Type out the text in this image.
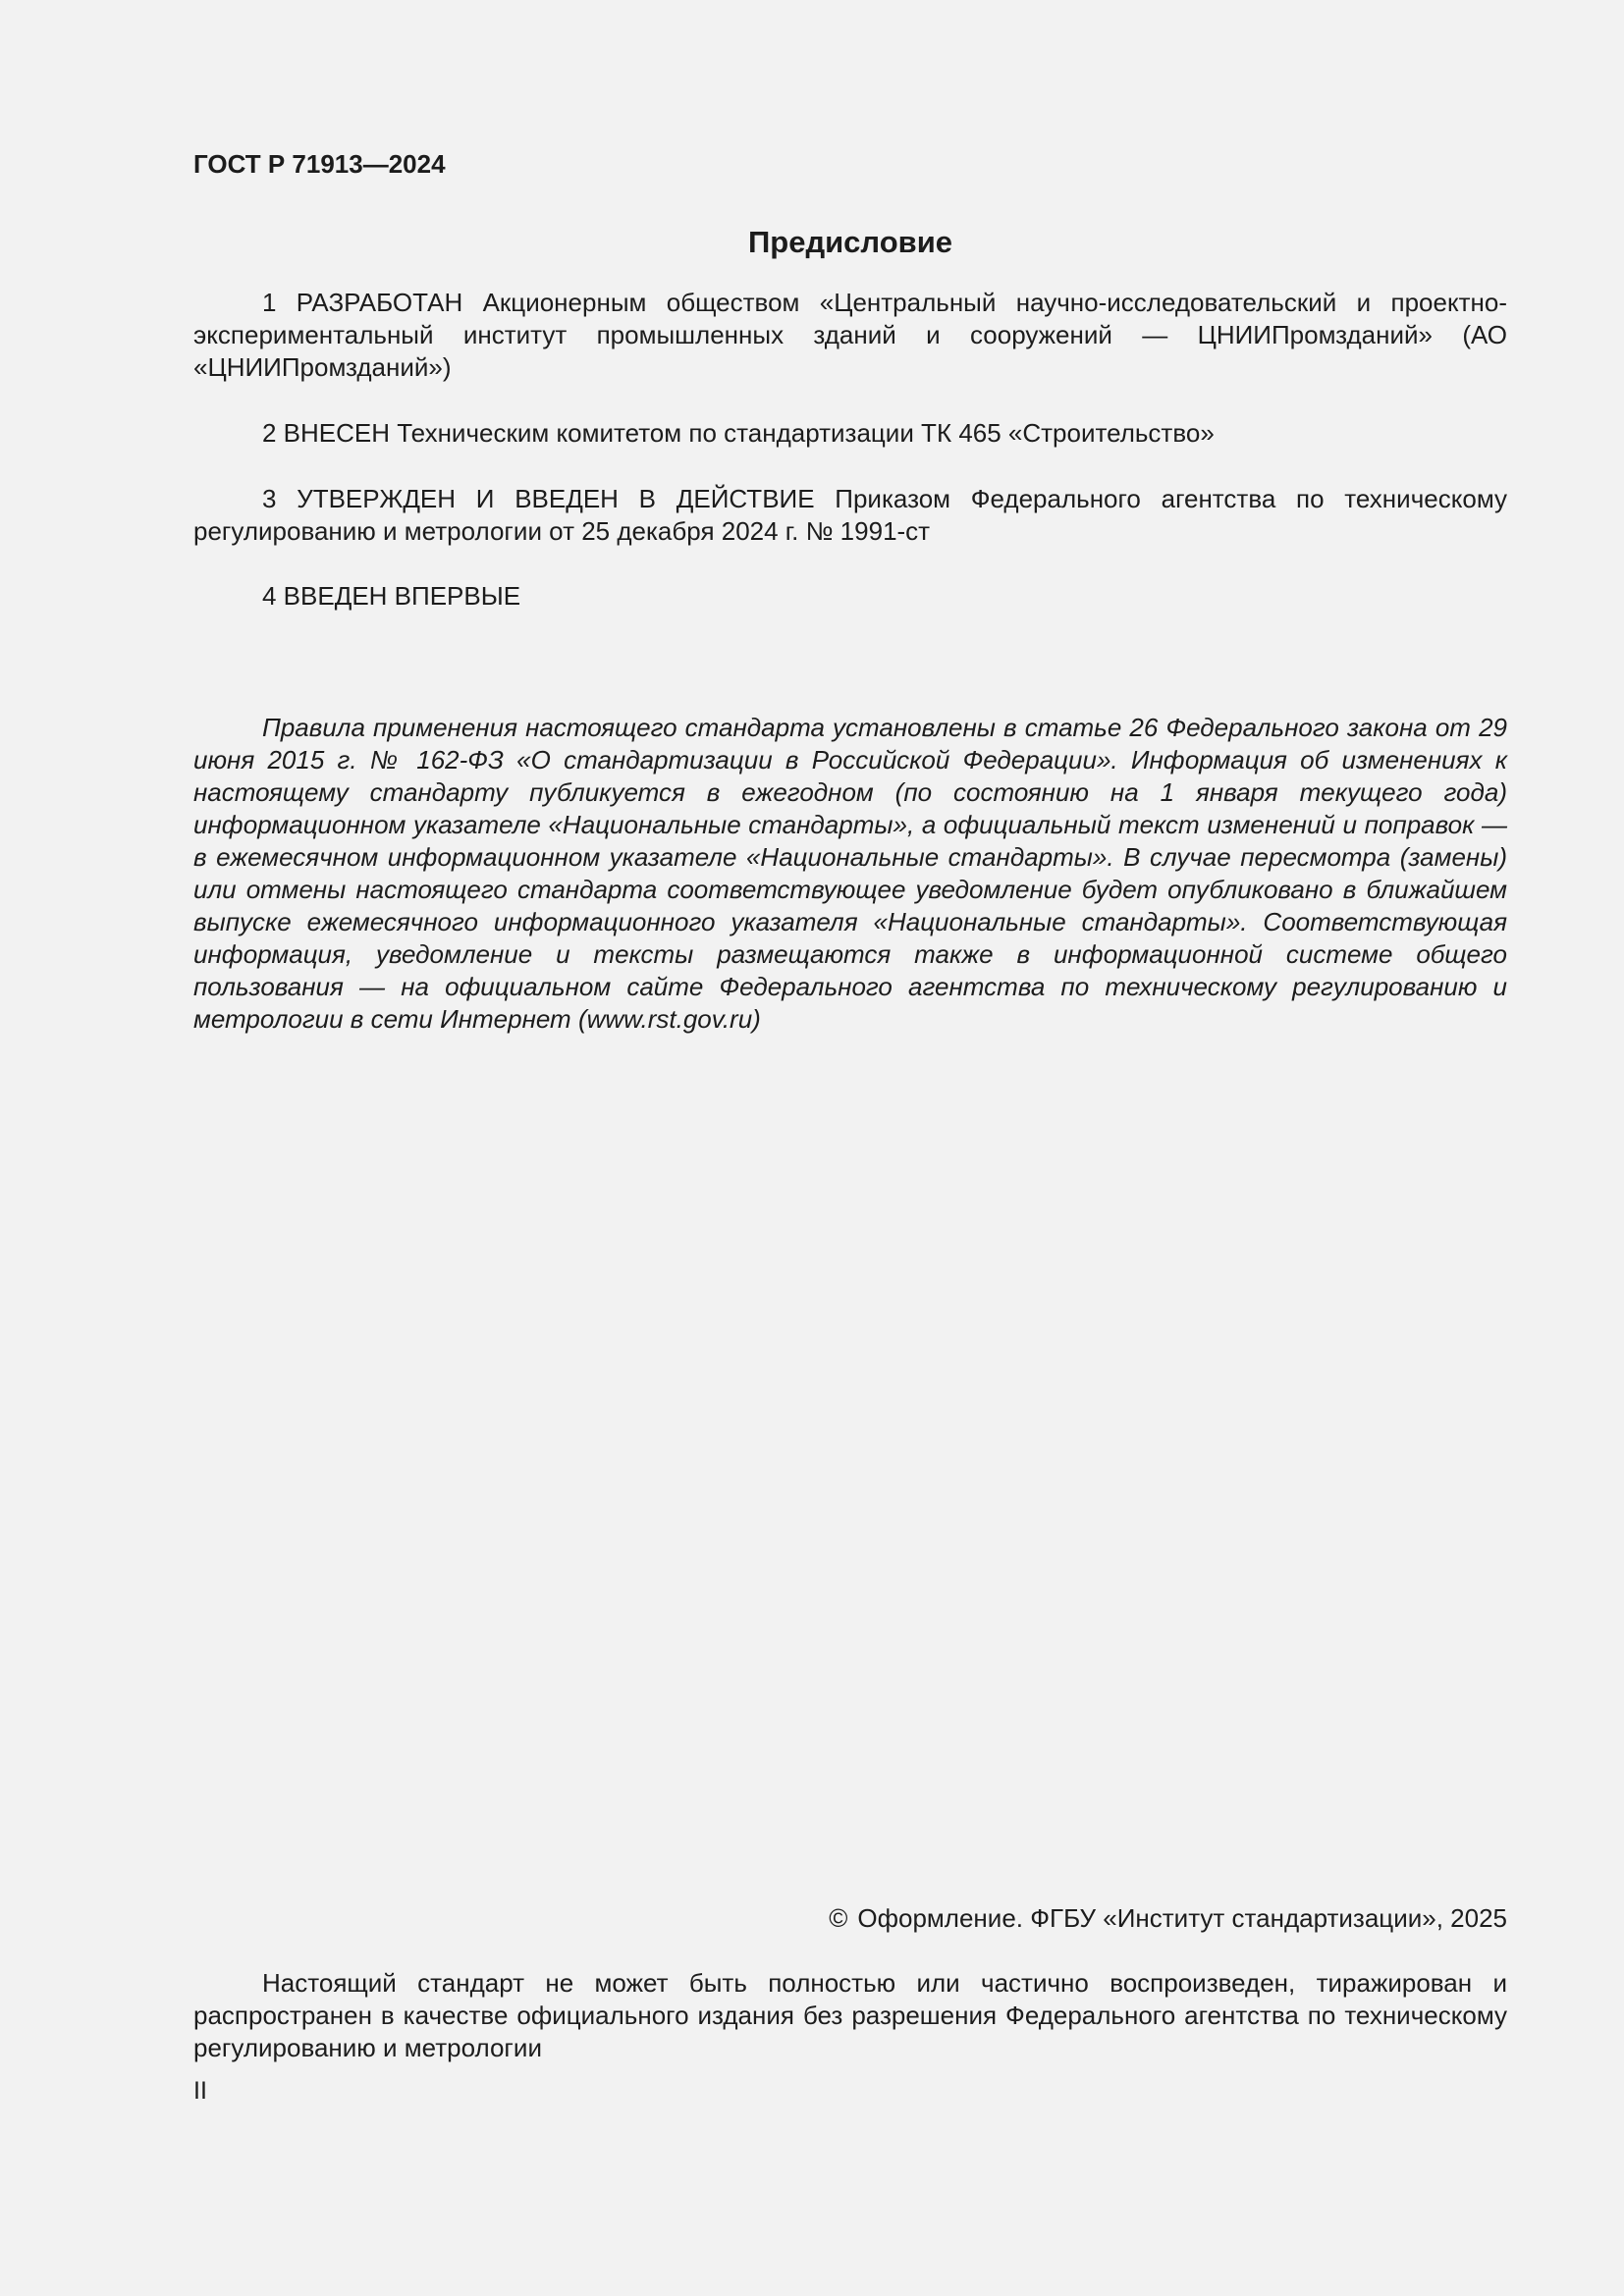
ГОСТ Р 71913—2024
Предисловие

1 РАЗРАБОТАН Акционерным обществом «Центральный научно-исследовательский и проектно-экспериментальный институт промышленных зданий и сооружений — ЦНИИПромзданий» (АО «ЦНИИПромзданий»)

2 ВНЕСЕН Техническим комитетом по стандартизации ТК 465 «Строительство»

3 УТВЕРЖДЕН И ВВЕДЕН В ДЕЙСТВИЕ Приказом Федерального агентства по техническому регулированию и метрологии от 25 декабря 2024 г. № 1991-ст

4 ВВЕДЕН ВПЕРВЫЕ

Правила применения настоящего стандарта установлены в статье 26 Федерального закона от 29 июня 2015 г. № 162-ФЗ «О стандартизации в Российской Федерации». Информация об изменениях к настоящему стандарту публикуется в ежегодном (по состоянию на 1 января текущего года) информационном указателе «Национальные стандарты», а официальный текст изменений и поправок — в ежемесячном информационном указателе «Национальные стандарты». В случае пересмотра (замены) или отмены настоящего стандарта соответствующее уведомление будет опубликовано в ближайшем выпуске ежемесячного информационного указателя «Национальные стандарты». Соответствующая информация, уведомление и тексты размещаются также в информационной системе общего пользования — на официальном сайте Федерального агентства по техническому регулированию и метрологии в сети Интернет (www.rst.gov.ru)

© Оформление. ФГБУ «Институт стандартизации», 2025

Настоящий стандарт не может быть полностью или частично воспроизведен, тиражирован и распространен в качестве официального издания без разрешения Федерального агентства по техническому регулированию и метрологии

II
